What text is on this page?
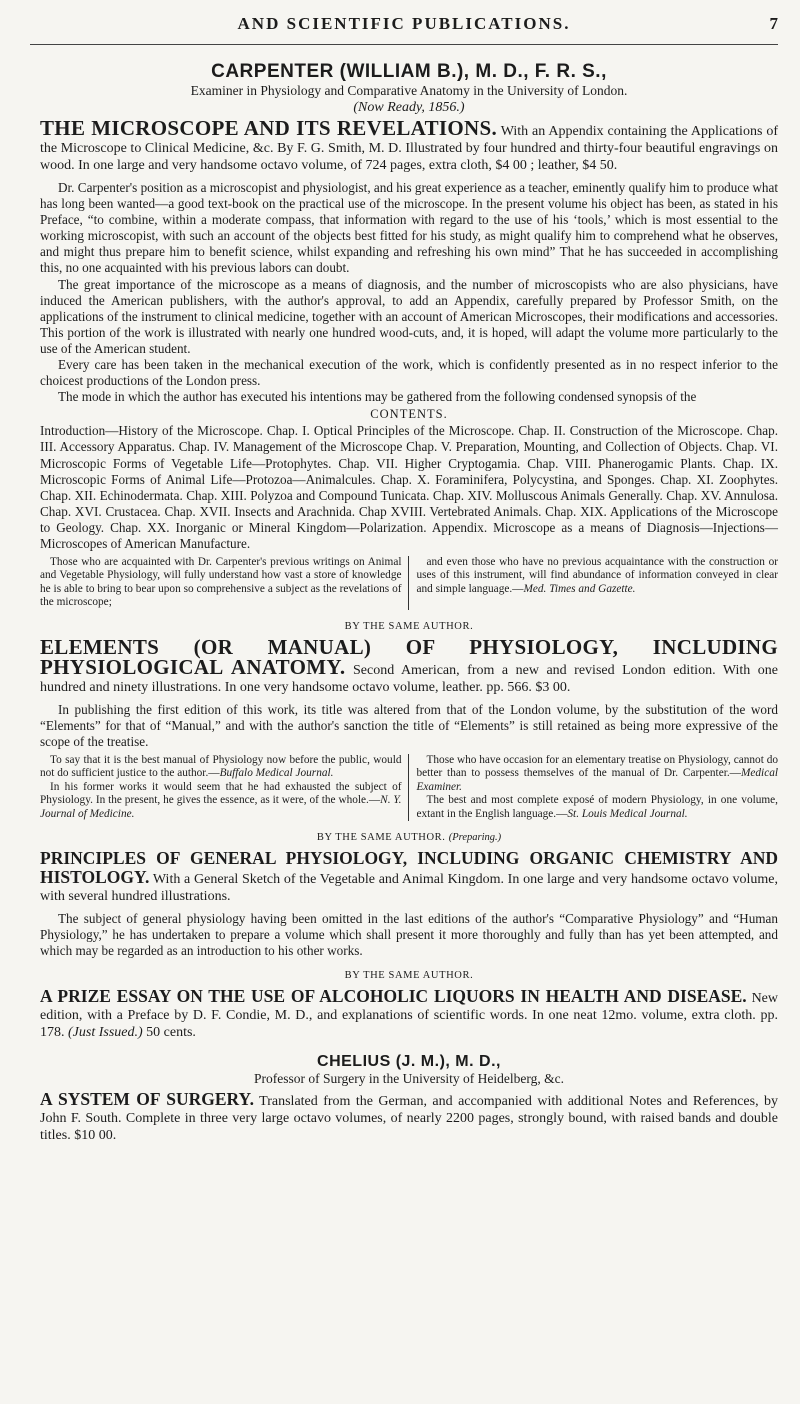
AND SCIENTIFIC PUBLICATIONS.	7
CARPENTER (WILLIAM B.), M. D., F. R. S.,
Examiner in Physiology and Comparative Anatomy in the University of London.
(Now Ready, 1856.)

THE MICROSCOPE AND ITS REVELATIONS. With an Appendix containing the Applications of the Microscope to Clinical Medicine, &c. By F. G. Smith, M. D. Illustrated by four hundred and thirty-four beautiful engravings on wood. In one large and very handsome octavo volume, of 724 pages, extra cloth, $4 00 ; leather, $4 50.

Dr. Carpenter's position as a microscopist and physiologist, and his great experience as a teacher, eminently qualify him to produce what has long been wanted—a good text-book on the practical use of the microscope. In the present volume his object has been, as stated in his Preface, “to combine, within a moderate compass, that information with regard to the use of his ‘tools,’ which is most essential to the working microscopist, with such an account of the objects best fitted for his study, as might qualify him to comprehend what he observes, and might thus prepare him to benefit science, whilst expanding and refreshing his own mind” That he has succeeded in accomplishing this, no one acquainted with his previous labors can doubt.

The great importance of the microscope as a means of diagnosis, and the number of microscopists who are also physicians, have induced the American publishers, with the author's approval, to add an Appendix, carefully prepared by Professor Smith, on the applications of the instrument to clinical medicine, together with an account of American Microscopes, their modifications and accessories. This portion of the work is illustrated with nearly one hundred wood-cuts, and, it is hoped, will adapt the volume more particularly to the use of the American student.

Every care has been taken in the mechanical execution of the work, which is confidently presented as in no respect inferior to the choicest productions of the London press.

The mode in which the author has executed his intentions may be gathered from the following condensed synopsis of the

CONTENTS.

Introduction—History of the Microscope. Chap. I. Optical Principles of the Microscope. Chap. II. Construction of the Microscope. Chap. III. Accessory Apparatus. Chap. IV. Management of the Microscope Chap. V. Preparation, Mounting, and Collection of Objects. Chap. VI. Microscopic Forms of Vegetable Life—Protophytes. Chap. VII. Higher Cryptogamia. Chap. VIII. Phanerogamic Plants. Chap. IX. Microscopic Forms of Animal Life—Protozoa—Animalcules. Chap. X. Foraminifera, Polycystina, and Sponges. Chap. XI. Zoophytes. Chap. XII. Echinodermata. Chap. XIII. Polyzoa and Compound Tunicata. Chap. XIV. Molluscous Animals Generally. Chap. XV. Annulosa. Chap. XVI. Crustacea. Chap. XVII. Insects and Arachnida. Chap XVIII. Vertebrated Animals. Chap. XIX. Applications of the Microscope to Geology. Chap. XX. Inorganic or Mineral Kingdom—Polarization. Appendix. Microscope as a means of Diagnosis—Injections—Microscopes of American Manufacture.

Those who are acquainted with Dr. Carpenter's previous writings on Animal and Vegetable Physiology, will fully understand how vast a store of knowledge he is able to bring to bear upon so comprehensive a subject as the revelations of the microscope;

and even those who have no previous acquaintance with the construction or uses of this instrument, will find abundance of information conveyed in clear and simple language.—Med. Times and Gazette.

BY THE SAME AUTHOR.

ELEMENTS (OR MANUAL) OF PHYSIOLOGY, INCLUDING PHYSIOLOGICAL ANATOMY. Second American, from a new and revised London edition. With one hundred and ninety illustrations. In one very handsome octavo volume, leather. pp. 566. $3 00.

In publishing the first edition of this work, its title was altered from that of the London volume, by the substitution of the word “Elements” for that of “Manual,” and with the author's sanction the title of “Elements” is still retained as being more expressive of the scope of the treatise.

To say that it is the best manual of Physiology now before the public, would not do sufficient justice to the author.—Buffalo Medical Journal.

In his former works it would seem that he had exhausted the subject of Physiology. In the present, he gives the essence, as it were, of the whole.—N. Y. Journal of Medicine.

Those who have occasion for an elementary treatise on Physiology, cannot do better than to possess themselves of the manual of Dr. Carpenter.—Medical Examiner.

The best and most complete exposé of modern Physiology, in one volume, extant in the English language.—St. Louis Medical Journal.

BY THE SAME AUTHOR. (Preparing.)

PRINCIPLES OF GENERAL PHYSIOLOGY, INCLUDING ORGANIC CHEMISTRY AND HISTOLOGY. With a General Sketch of the Vegetable and Animal Kingdom. In one large and very handsome octavo volume, with several hundred illustrations.

The subject of general physiology having been omitted in the last editions of the author's “Comparative Physiology” and “Human Physiology,” he has undertaken to prepare a volume which shall present it more thoroughly and fully than has yet been attempted, and which may be regarded as an introduction to his other works.

BY THE SAME AUTHOR.

A PRIZE ESSAY ON THE USE OF ALCOHOLIC LIQUORS IN HEALTH AND DISEASE. New edition, with a Preface by D. F. Condie, M. D., and explanations of scientific words. In one neat 12mo. volume, extra cloth. pp. 178. (Just Issued.) 50 cents.

CHELIUS (J. M.), M. D.,
Professor of Surgery in the University of Heidelberg, &c.

A SYSTEM OF SURGERY. Translated from the German, and accompanied with additional Notes and References, by John F. South. Complete in three very large octavo volumes, of nearly 2200 pages, strongly bound, with raised bands and double titles. $10 00.
